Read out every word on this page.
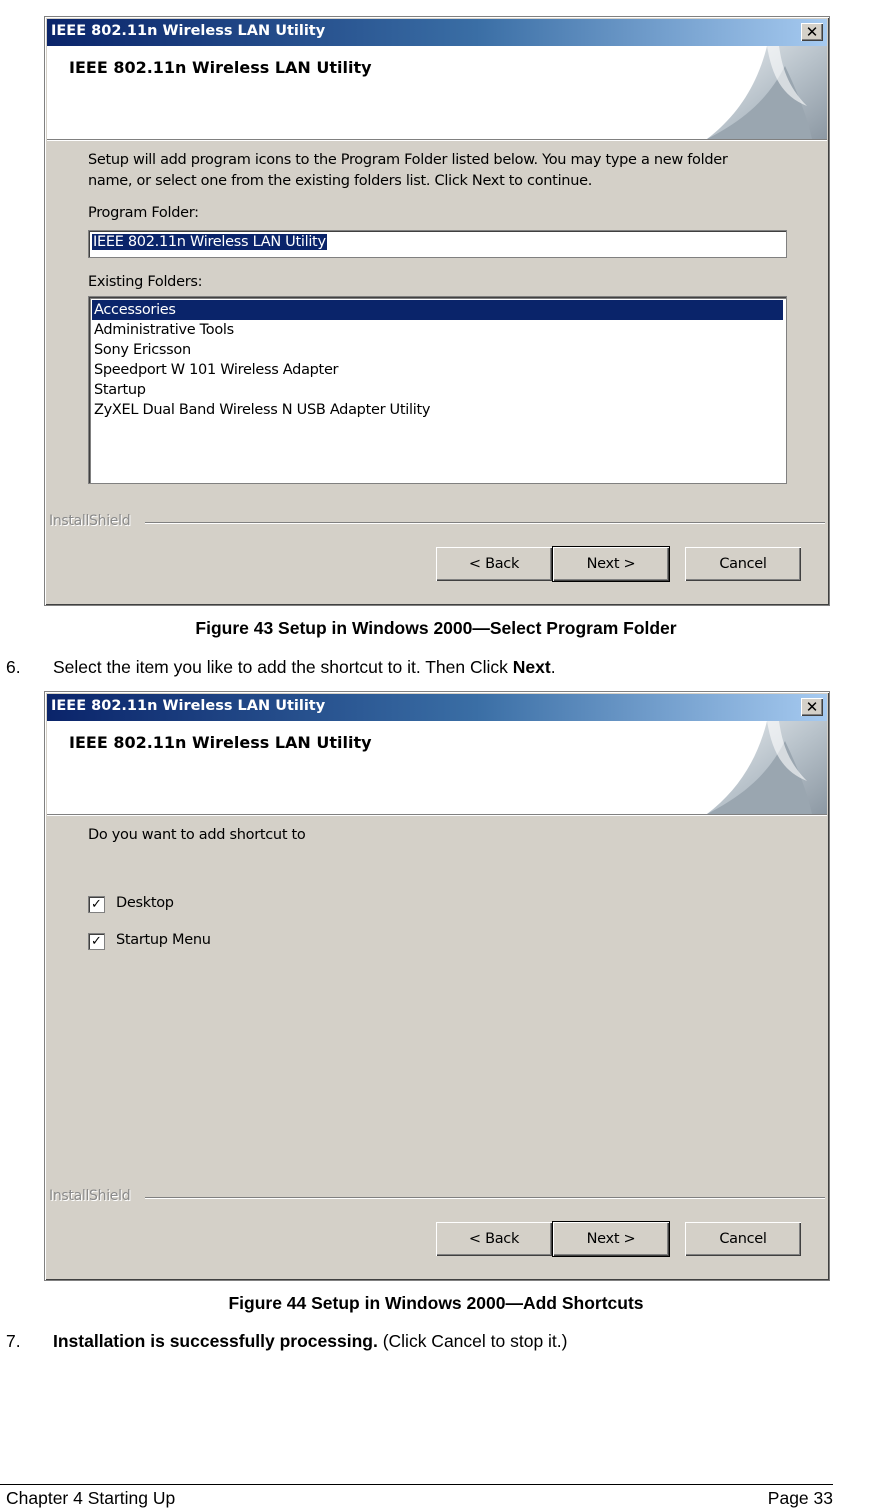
IEEE 802.11n Wireless LAN Utility	✕
IEEE 802.11n Wireless LAN Utility
Setup will add program icons to the Program Folder listed below. You may type a new folder
name, or select one from the existing folders list. Click Next to continue.
Program Folder:
IEEE 802.11n Wireless LAN Utility
Existing Folders:
Accessories
Administrative Tools
Sony Ericsson
Speedport W 101 Wireless Adapter
Startup
ZyXEL Dual Band Wireless N USB Adapter Utility
InstallShield
< Back	Next >	Cancel
Figure 43 Setup in Windows 2000—Select Program Folder
6. Select the item you like to add the shortcut to it. Then Click Next.
IEEE 802.11n Wireless LAN Utility	✕
IEEE 802.11n Wireless LAN Utility
Do you want to add shortcut to
✓ Desktop
✓ Startup Menu
InstallShield
< Back	Next >	Cancel
Figure 44 Setup in Windows 2000—Add Shortcuts
7. Installation is successfully processing. (Click Cancel to stop it.)
Chapter 4 Starting Up	Page 33
